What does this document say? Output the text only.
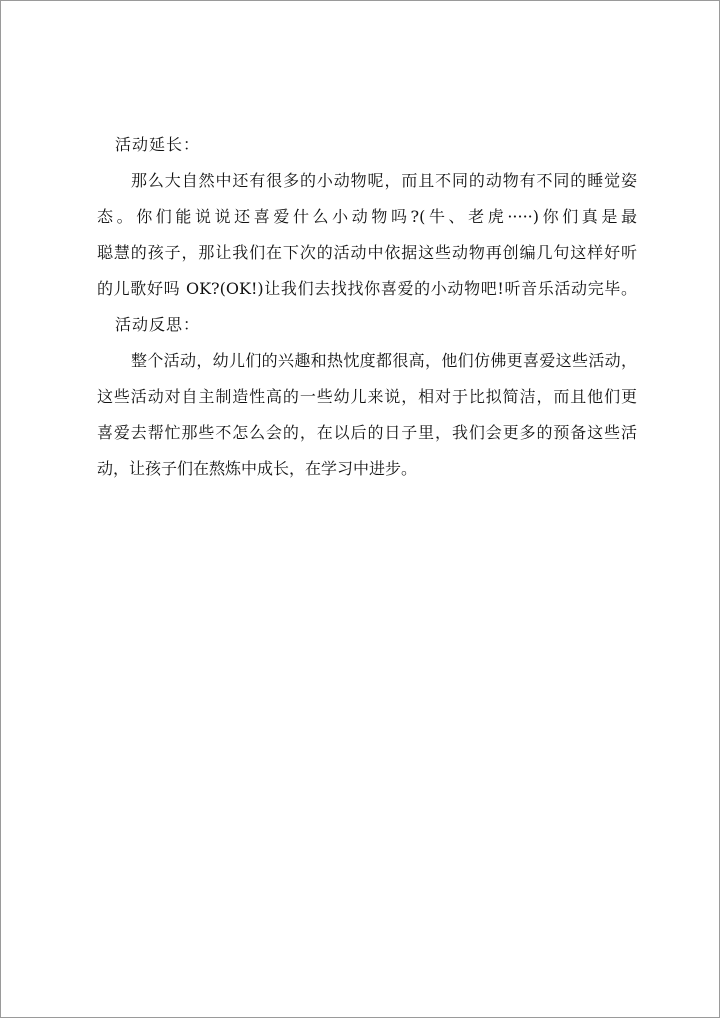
活动延长：
那么大自然中还有很多的小动物呢，而且不同的动物有不同的睡觉姿
态。你们能说说还喜爱什么小动物吗?(牛、老虎·····)你们真是最
聪慧的孩子，那让我们在下次的活动中依据这些动物再创编几句这样好听
的儿歌好吗 OK?(OK!)让我们去找找你喜爱的小动物吧!听音乐活动完毕。
活动反思：
整个活动，幼儿们的兴趣和热忱度都很高，他们仿佛更喜爱这些活动，
这些活动对自主制造性高的一些幼儿来说，相对于比拟简洁，而且他们更
喜爱去帮忙那些不怎么会的，在以后的日子里，我们会更多的预备这些活
动，让孩子们在熬炼中成长，在学习中进步。
